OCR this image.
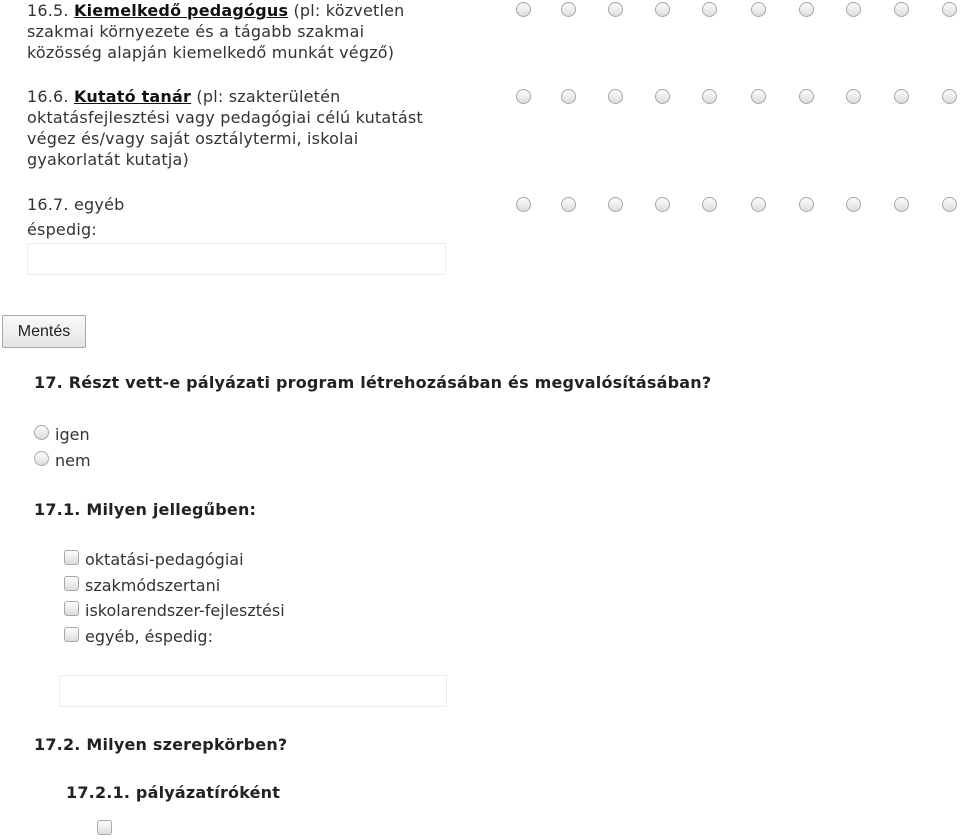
16.5. Kiemelkedő pedagógus (pl: közvetlen
szakmai környezete és a tágabb szakmai
közösség alapján kiemelkedő munkát végző)
16.6. Kutató tanár (pl: szakterületén
oktatásfejlesztési vagy pedagógiai célú kutatást
végez és/vagy saját osztálytermi, iskolai
gyakorlatát kutatja)
16.7. egyéb
éspedig:
Mentés
17. Részt vett-e pályázati program létrehozásában és megvalósításában?
igen
nem
17.1. Milyen jellegűben:
oktatási-pedagógiai
szakmódszertani
iskolarendszer-fejlesztési
egyéb, éspedig:
17.2. Milyen szerepkörben?
17.2.1. pályázatíróként
